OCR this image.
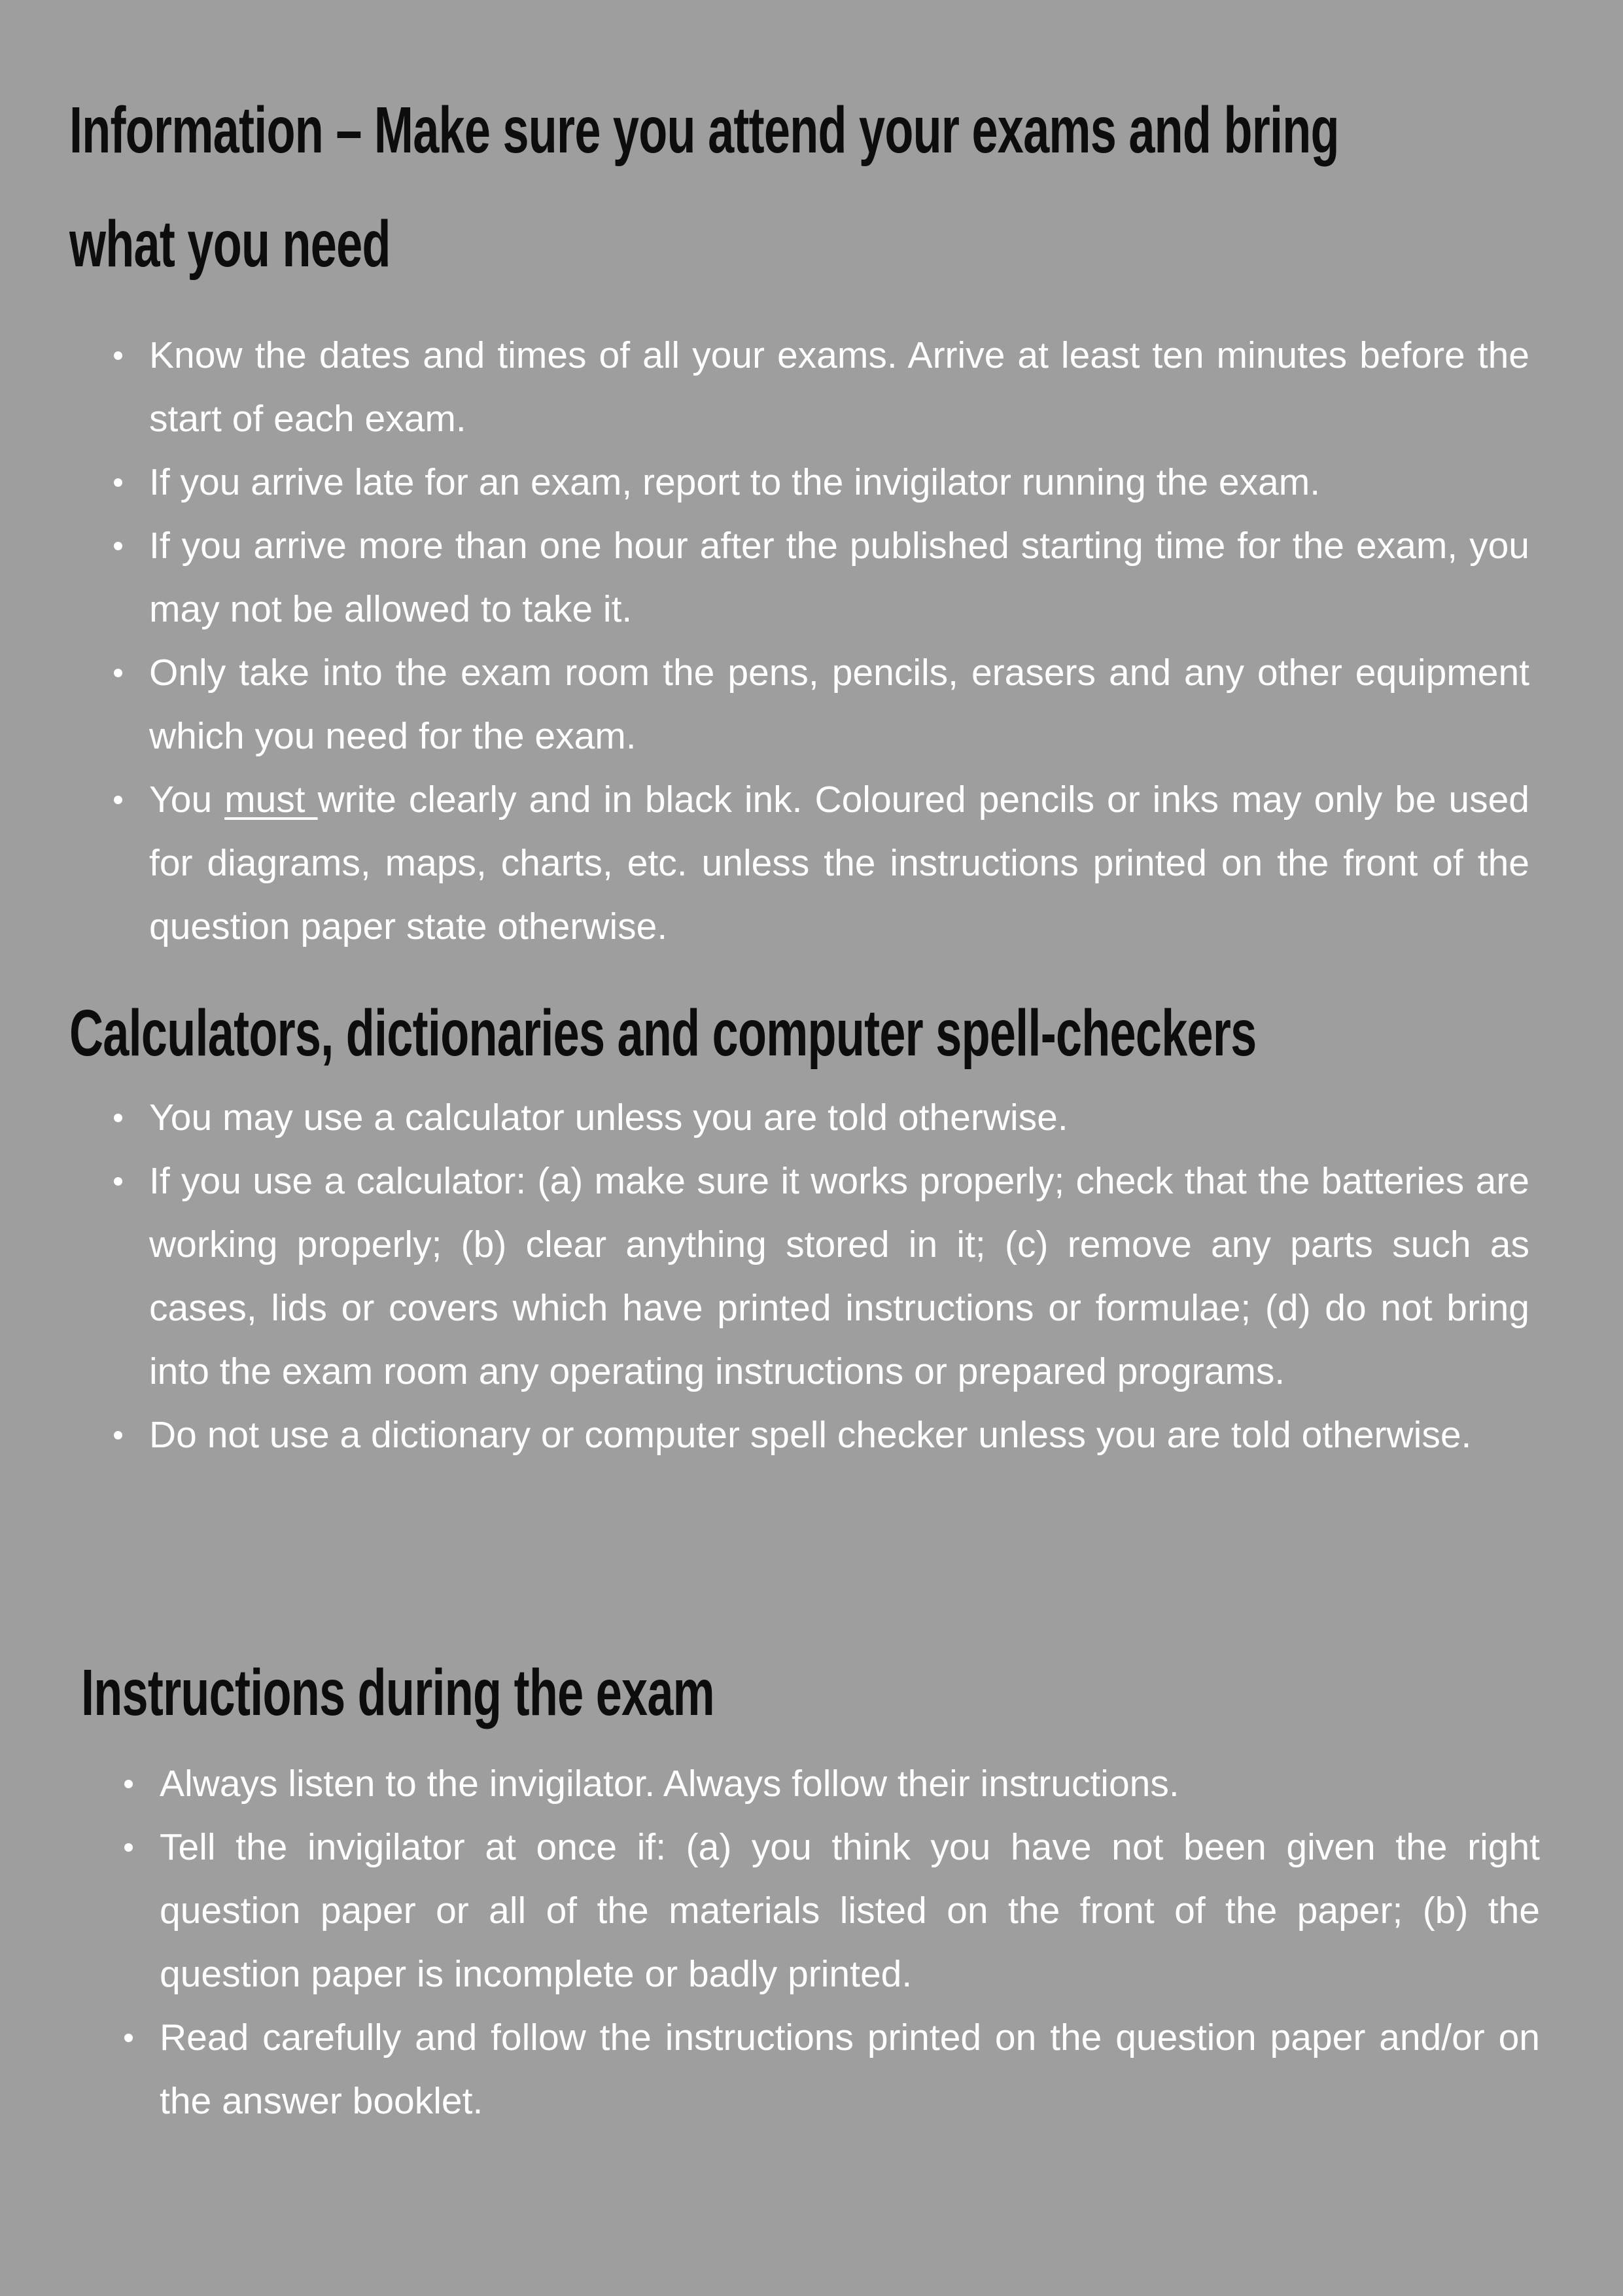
Information – Make sure you attend your exams and bring
what you need
Know the dates and times of all your exams. Arrive at least ten minutes before the start of each exam.
If you arrive late for an exam, report to the invigilator running the exam.
If you arrive more than one hour after the published starting time for the exam, you may not be allowed to take it.
Only take into the exam room the pens, pencils, erasers and any other equipment which you need for the exam.
You must write clearly and in black ink. Coloured pencils or inks may only be used for diagrams, maps, charts, etc. unless the instructions printed on the front of the question paper state otherwise.
Calculators, dictionaries and computer spell-checkers
You may use a calculator unless you are told otherwise.
If you use a calculator: (a) make sure it works properly; check that the batteries are working properly; (b) clear anything stored in it; (c) remove any parts such as cases, lids or covers which have printed instructions or formulae; (d) do not bring into the exam room any operating instructions or prepared programs.
Do not use a dictionary or computer spell checker unless you are told otherwise.
Instructions during the exam
Always listen to the invigilator. Always follow their instructions.
Tell the invigilator at once if: (a) you think you have not been given the right question paper or all of the materials listed on the front of the paper; (b) the question paper is incomplete or badly printed.
Read carefully and follow the instructions printed on the question paper and/or on the answer booklet.
